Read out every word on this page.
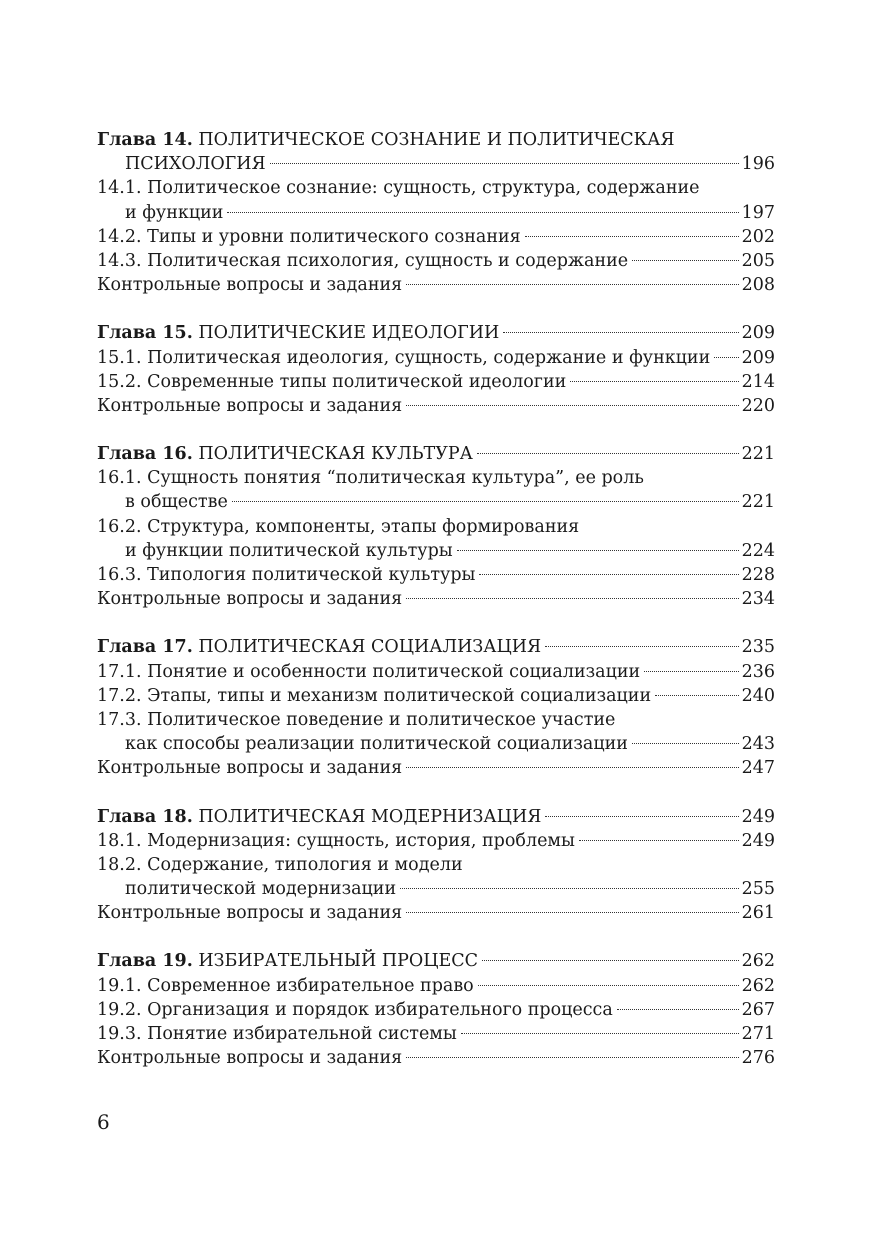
Глава 14. ПОЛИТИЧЕСКОЕ СОЗНАНИЕ И ПОЛИТИЧЕСКАЯ
ПСИХОЛОГИЯ	196
14.1. Политическое сознание: сущность, структура, содержание
и функции	197
14.2. Типы и уровни политического сознания	202
14.3. Политическая психология, сущность и содержание	205
Контрольные вопросы и задания	208
Глава 15. ПОЛИТИЧЕСКИЕ ИДЕОЛОГИИ	209
15.1. Политическая идеология, сущность, содержание и функции 209
15.2. Современные типы политической идеологии	214
Контрольные вопросы и задания	220
Глава 16. ПОЛИТИЧЕСКАЯ КУЛЬТУРА	221
16.1. Сущность понятия “политическая культура”, ее роль
в обществе	221
16.2. Структура, компоненты, этапы формирования
и функции политической культуры	224
16.3. Типология политической культуры	228
Контрольные вопросы и задания	234
Глава 17. ПОЛИТИЧЕСКАЯ СОЦИАЛИЗАЦИЯ	235
17.1. Понятие и особенности политической социализации	236
17.2. Этапы, типы и механизм политической социализации	240
17.3. Политическое поведение и политическое участие
как способы реализации политической социализации	243
Контрольные вопросы и задания	247
Глава 18. ПОЛИТИЧЕСКАЯ МОДЕРНИЗАЦИЯ	249
18.1. Модернизация: сущность, история, проблемы	249
18.2. Содержание, типология и модели
политической модернизации	255
Контрольные вопросы и задания	261
Глава 19. ИЗБИРАТЕЛЬНЫЙ ПРОЦЕСС	262
19.1. Современное избирательное право	262
19.2. Организация и порядок избирательного процесса	267
19.3. Понятие избирательной системы	271
Контрольные вопросы и задания	276
6
